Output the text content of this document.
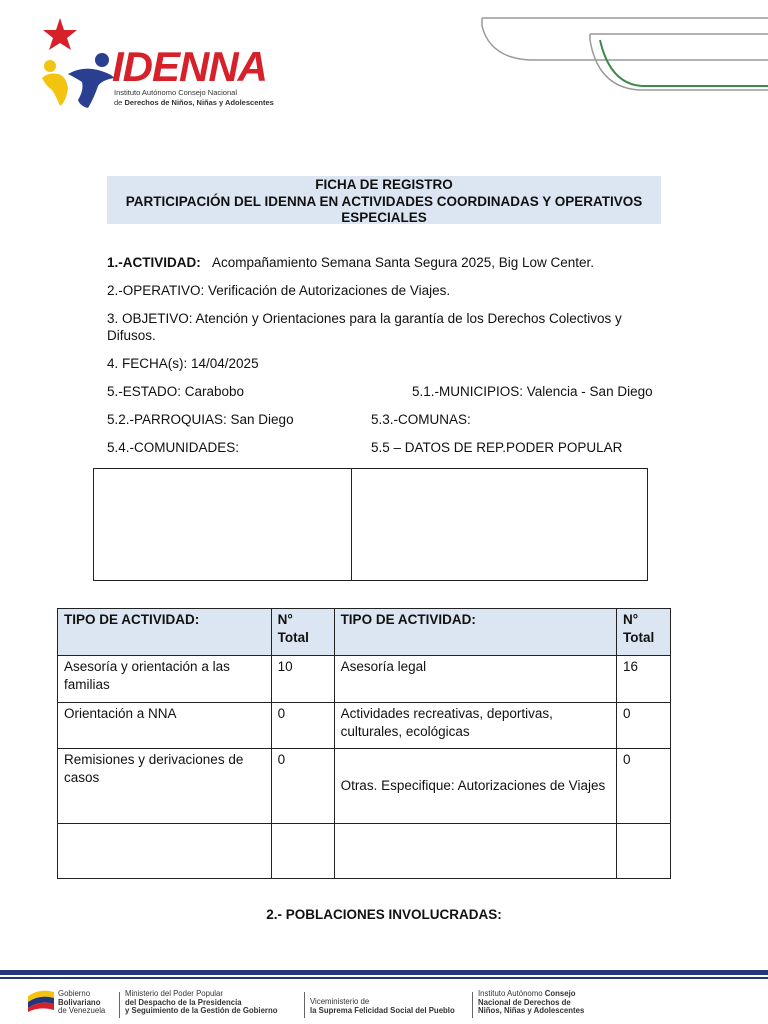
IDENNA
Instituto Autónomo Consejo Nacional
de Derechos de Niños, Niñas y Adolescentes
FICHA DE REGISTRO
PARTICIPACIÓN DEL IDENNA EN ACTIVIDADES COORDINADAS Y OPERATIVOS
ESPECIALES
1.-ACTIVIDAD: Acompañamiento Semana Santa Segura 2025, Big Low Center.
2.-OPERATIVO: Verificación de Autorizaciones de Viajes.
3. OBJETIVO: Atención y Orientaciones para la garantía de los Derechos Colectivos y Difusos.
4. FECHA(s): 14/04/2025
5.-ESTADO: Carabobo	5.1.-MUNICIPIOS: Valencia - San Diego
5.2.-PARROQUIAS: San Diego	5.3.-COMUNAS:
5.4.-COMUNIDADES:	5.5 – DATOS DE REP.PODER POPULAR
TIPO DE ACTIVIDAD:	N° Total	TIPO DE ACTIVIDAD:	N° Total
Asesoría y orientación a las familias	10	Asesoría legal	16
Orientación a NNA	0	Actividades recreativas, deportivas, culturales, ecológicas	0
Remisiones y derivaciones de casos	0	Otras. Especifique: Autorizaciones de Viajes	0

2.- POBLACIONES INVOLUCRADAS:
Gobierno
Bolivariano
de Venezuela
Ministerio del Poder Popular
del Despacho de la Presidencia
y Seguimiento de la Gestión de Gobierno
Viceministerio de
la Suprema Felicidad Social del Pueblo
Instituto Autónomo Consejo
Nacional de Derechos de
Niños, Niñas y Adolescentes
